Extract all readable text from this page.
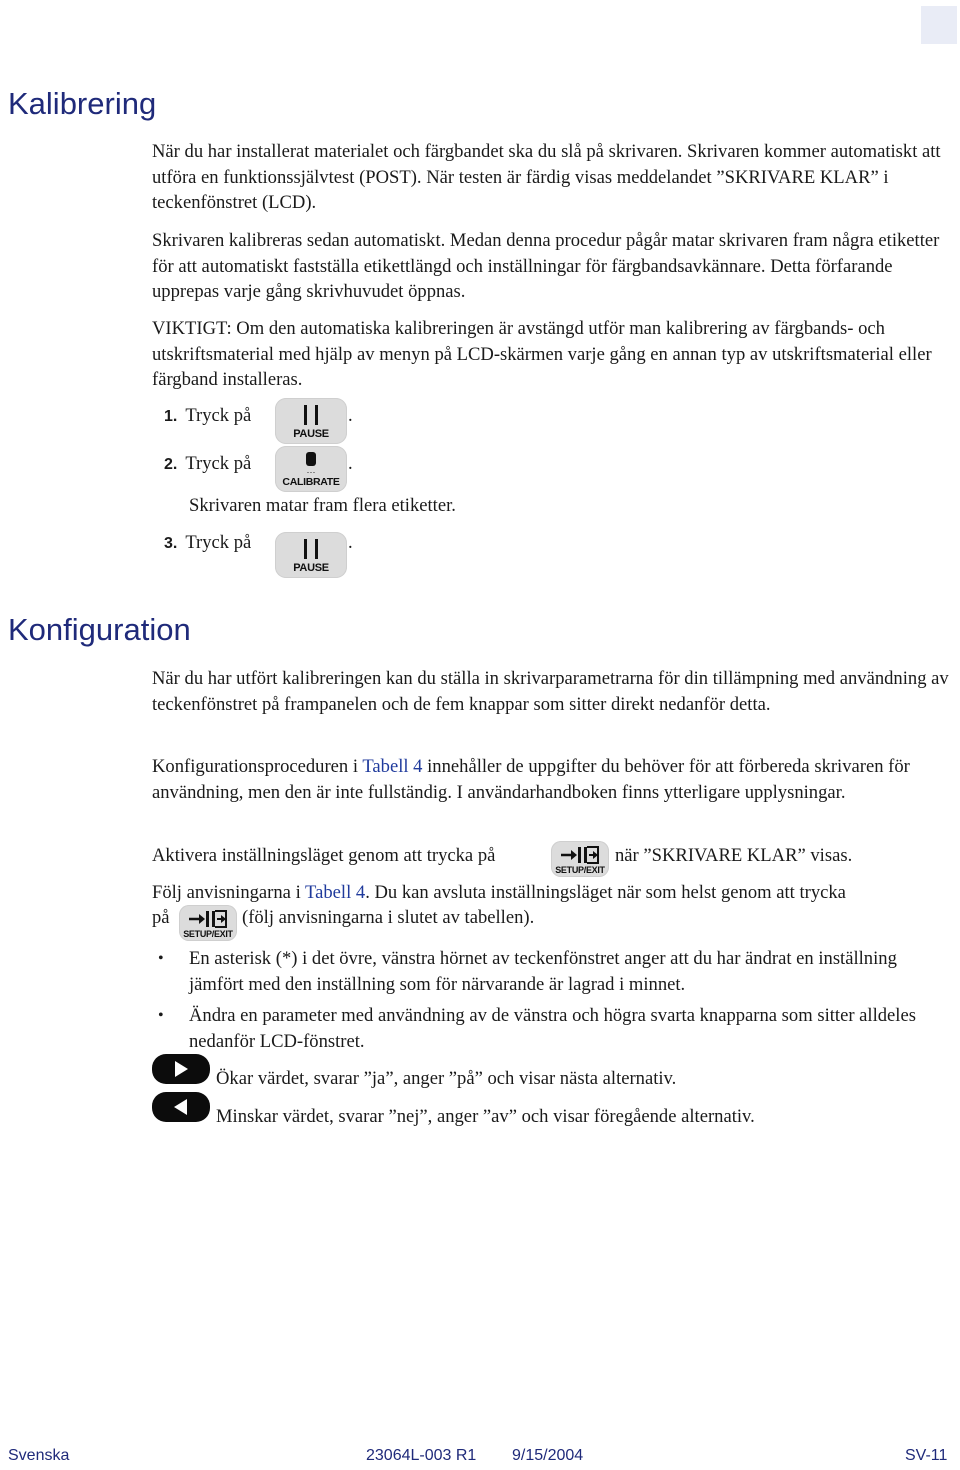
Kalibrering

När du har installerat materialet och färgbandet ska du slå på skrivaren. Skrivaren kommer automatiskt att utföra en funktionssjälvtest (POST). När testen är färdig visas meddelandet ”SKRIVARE KLAR” i teckenfönstret (LCD).

Skrivaren kalibreras sedan automatiskt. Medan denna procedur pågår matar skrivaren fram några etiketter för att automatiskt fastställa etikettlängd och inställningar för färgbandsavkännare. Detta förfarande upprepas varje gång skrivhuvudet öppnas.

VIKTIGT: Om den automatiska kalibreringen är avstängd utför man kalibrering av färgbands- och utskriftsmaterial med hjälp av menyn på LCD-skärmen varje gång en annan typ av utskriftsmaterial eller färgband installeras.

1. Tryck på
PAUSE
.
2. Tryck på	···
CALIBRATE
.
Skrivaren matar fram flera etiketter.
3. Tryck på
PAUSE
.
Konfiguration

När du har utfört kalibreringen kan du ställa in skrivarparametrarna för din tillämpning med användning av teckenfönstret på frampanelen och de fem knappar som sitter direkt nedanför detta.

Konfigurationsproceduren i Tabell 4 innehåller de uppgifter du behöver för att förbereda skrivaren för användning, men den är inte fullständig. I användarhandboken finns ytterligare upplysningar.

Aktivera inställningsläget genom att trycka på
SETUP/EXIT
när ”SKRIVARE KLAR” visas.

Följ anvisningarna i Tabell 4. Du kan avsluta inställningsläget när som helst genom att trycka

på
SETUP/EXIT
(följ anvisningarna i slutet av tabellen).
• En asterisk (*) i det övre, vänstra hörnet av teckenfönstret anger att du har ändrat en inställning jämfört med den inställning som för närvarande är lagrad i minnet.

• Ändra en parameter med användning av de vänstra och högra svarta knapparna som sitter alldeles nedanför LCD-fönstret.

Ökar värdet, svarar ”ja”, anger ”på” och visar nästa alternativ.
Minskar värdet, svarar ”nej”, anger ”av” och visar föregående alternativ.
Svenska	23064L-003 R1 9/15/2004	SV-11
